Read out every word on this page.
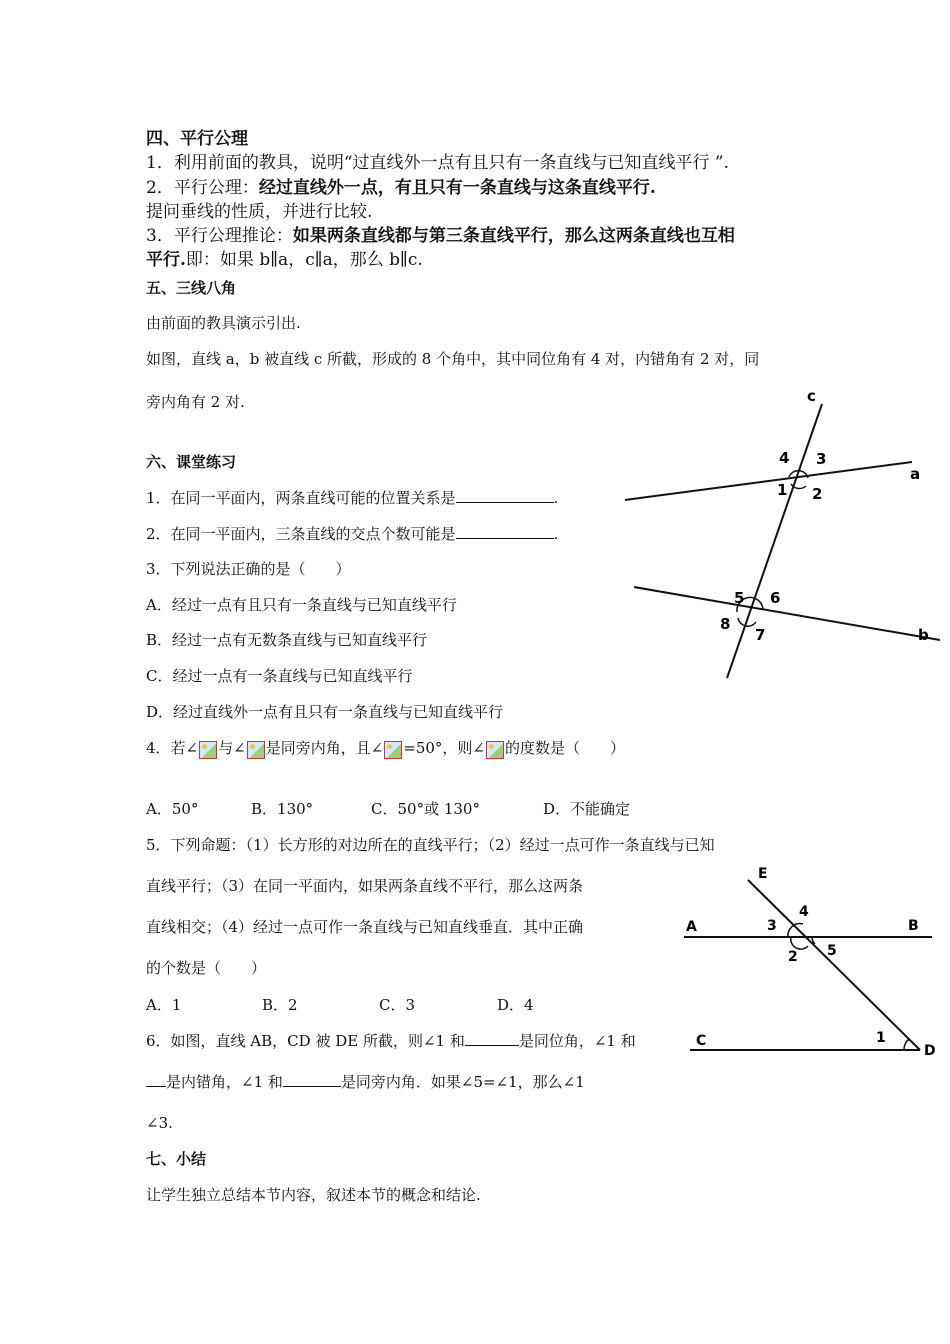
四、平行公理
1．利用前面的教具，说明“过直线外一点有且只有一条直线与已知直线平行 ”.
2．平行公理：经过直线外一点，有且只有一条直线与这条直线平行.
提问垂线的性质，并进行比较.
3．平行公理推论：如果两条直线都与第三条直线平行，那么这两条直线也互相
平行.即：如果 b∥a，c∥a，那么 b∥c.
五、三线八角
由前面的教具演示引出.
如图，直线 a，b 被直线 c 所截，形成的 8 个角中，其中同位角有 4 对，内错角有 2 对，同
旁内角有 2 对.
六、课堂练习
1．在同一平面内，两条直线可能的位置关系是	.
2．在同一平面内，三条直线的交点个数可能是	.
3．下列说法正确的是（　　）
A．经过一点有且只有一条直线与已知直线平行
B．经过一点有无数条直线与已知直线平行
C．经过一点有一条直线与已知直线平行
D．经过直线外一点有且只有一条直线与已知直线平行
4．若∠ 与∠ 是同旁内角，且∠ =50°，则∠ 的度数是（　　）
A．50°	B．130°	C．50°或 130°	D．不能确定
5．下列命题：（1）长方形的对边所在的直线平行；（2）经过一点可作一条直线与已知
直线平行；（3）在同一平面内，如果两条直线不平行，那么这两条
直线相交；（4）经过一点可作一条直线与已知直线垂直．其中正确
的个数是（　　）
A．1	B．2	C．3	D．4
6．如图，直线 AB，CD 被 DE 所截，则∠1 和	是同位角，∠1 和
是内错角，∠1 和	是同旁内角．如果∠5=∠1，那么∠1
∠3.
七、小结
让学生独立总结本节内容，叙述本节的概念和结论.
c
a
b
1 2
3
4
5 6
7
8
E
A	B
C
D
1
2
3
4
5
